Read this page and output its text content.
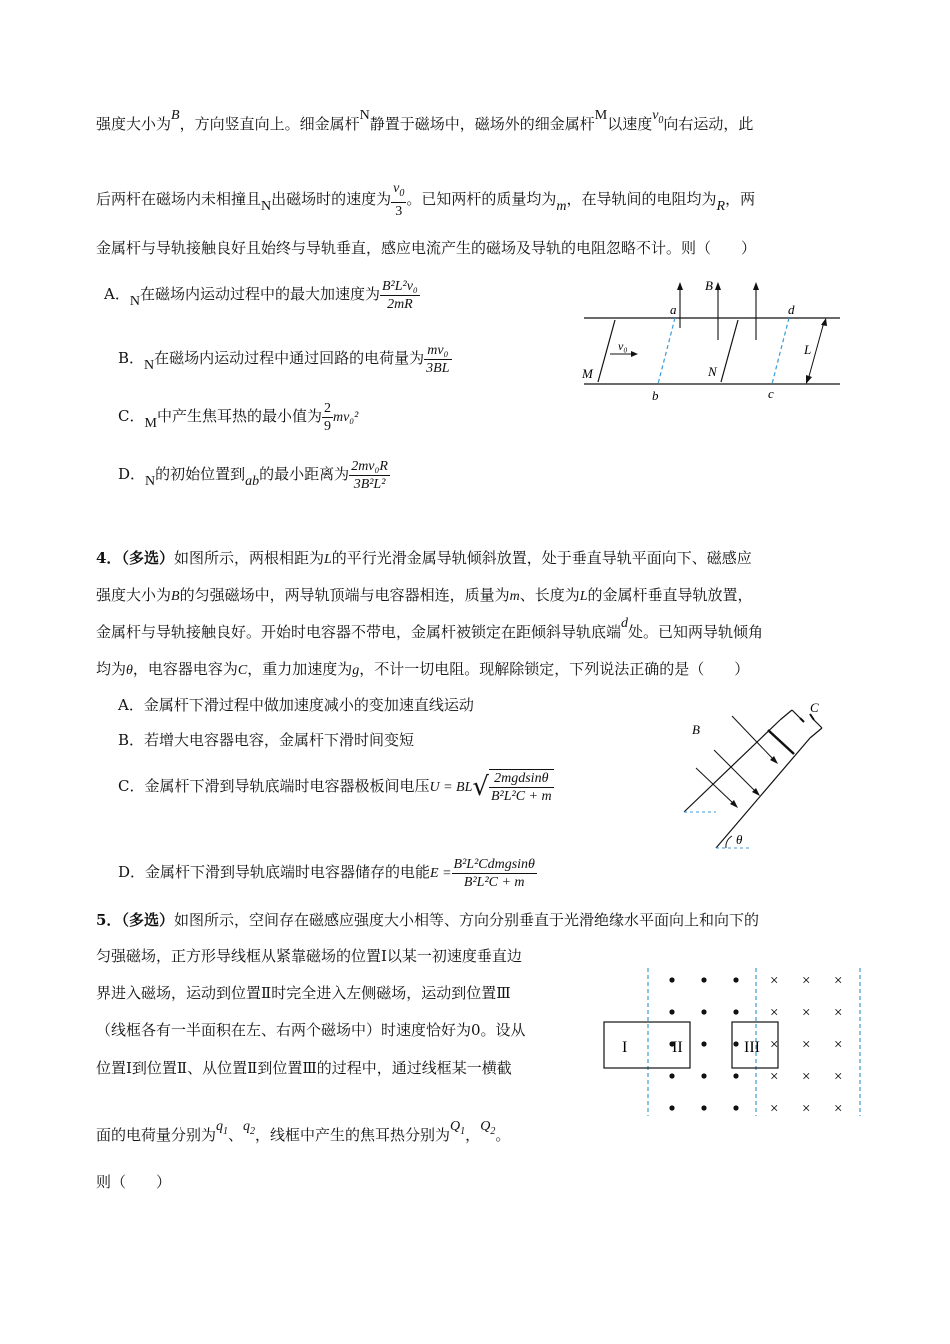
强度大小为B，方向竖直向上。细金属杆N静置于磁场中，磁场外的细金属杆M以速度$v_0$向右运动，此
后两杆在磁场内未相撞且N出磁场时的速度为 $\frac{v_0}{3}$ 。已知两杆的质量均为m，在导轨间的电阻均为R，两
金属杆与导轨接触良好且始终与导轨垂直，感应电流产生的磁场及导轨的电阻忽略不计。则（　　）
A．N在磁场内运动过程中的最大加速度为 $\frac{\text{B²L²v₀}}{2mR}$
B．N在磁场内运动过程中通过回路的电荷量为 $\frac{\text{mv₀}}{3BL}$
C．M中产生焦耳热的最小值为 $\frac{2}{9} mv_0^2$
D．N的初始位置到ab的最小距离为 $\frac{\text{2mv₀R}}{\text{3B²L²}}$
B
a	d
v₀	L
M	N
b	c
4．（多选）如图所示，两根相距为L的平行光滑金属导轨倾斜放置，处于垂直导轨平面向下、磁感应
强度大小为B的匀强磁场中，两导轨顶端与电容器相连，质量为m、长度为L的金属杆垂直导轨放置，
金属杆与导轨接触良好。开始时电容器不带电，金属杆被锁定在距倾斜导轨底端d处。已知两导轨倾角
均为θ，电容器电容为C，重力加速度为g，不计一切电阻。现解除锁定，下列说法正确的是（　　）
A．金属杆下滑过程中做加速度减小的变加速直线运动
B．若增大电容器电容，金属杆下滑时间变短
C．金属杆下滑到导轨底端时电容器极板间电压$U = BL√ \frac{\text{2mgdsinθ}}{\text{B²L²C + m}}$
D．金属杆下滑到导轨底端时电容器储存的电能$E = \frac{\text{B²L²Cdmgsinθ}}{\text{B²L²C + m}}$
B
C
θ
5．（多选）如图所示，空间存在磁感应强度大小相等、方向分别垂直于光滑绝缘水平面向上和向下的
匀强磁场，正方形导线框从紧靠磁场的位置Ⅰ以某一初速度垂直边
界进入磁场，运动到位置Ⅱ时完全进入左侧磁场，运动到位置Ⅲ
（线框各有一半面积在左、右两个磁场中）时速度恰好为0。设从
位置Ⅰ到位置Ⅱ、从位置Ⅱ到位置Ⅲ的过程中，通过线框某一横截
面的电荷量分别为$q_1$、$q_2$，线框中产生的焦耳热分别为$Q_1$，$Q_2$。
则（　　）
×
×
×
×
×
×
×
×
×
×
×
×
×
×
×
I	II	III
